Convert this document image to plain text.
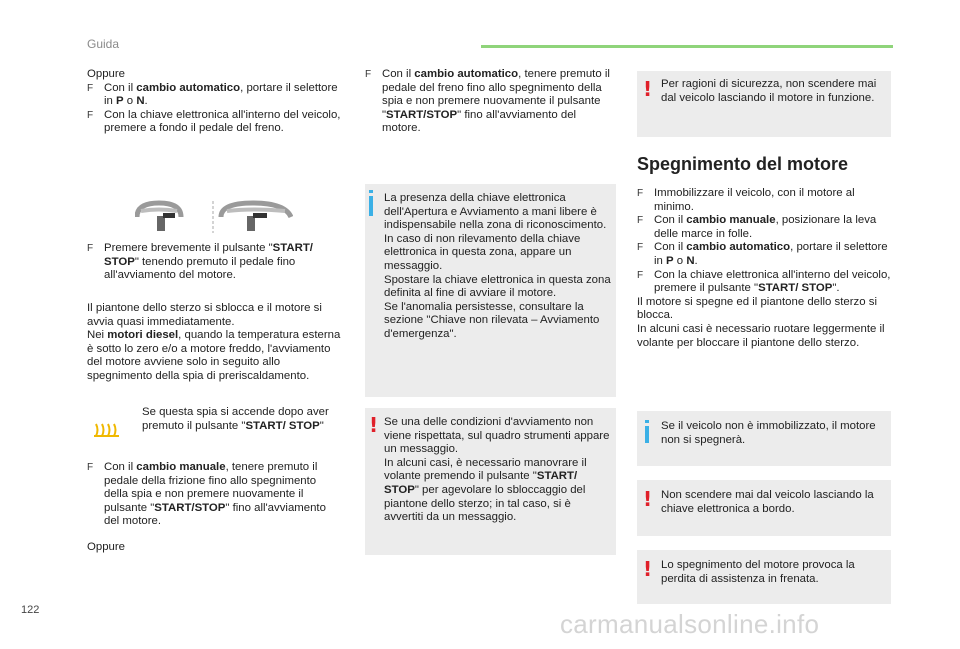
Guida

Oppure

F Con il cambio automatico, portare il selettore in P o N.

F Con la chiave elettronica all'interno del veicolo, premere a fondo il pedale del freno.

F Premere brevemente il pulsante "START/ STOP" tenendo premuto il pedale fino all'avviamento del motore.

Il piantone dello sterzo si sblocca e il motore si avvia quasi immediatamente.

Nei motori diesel, quando la temperatura esterna è sotto lo zero e/o a motore freddo, l'avviamento del motore avviene solo in seguito allo spegnimento della spia di preriscaldamento.

Se questa spia si accende dopo aver premuto il pulsante "START/ STOP"

F Con il cambio manuale, tenere premuto il pedale della frizione fino allo spegnimento della spia e non premere nuovamente il pulsante "START/STOP" fino all'avviamento del motore.

Oppure

F Con il cambio automatico, tenere premuto il pedale del freno fino allo spegnimento della spia e non premere nuovamente il pulsante "START/STOP" fino all'avviamento del motore.

La presenza della chiave elettronica dell'Apertura e Avviamento a mani libere è indispensabile nella zona di riconoscimento.
In caso di non rilevamento della chiave elettronica in questa zona, appare un messaggio.
Spostare la chiave elettronica in questa zona definita al fine di avviare il motore.
Se l'anomalia persistesse, consultare la sezione "Chiave non rilevata – Avviamento d'emergenza".
! Se una delle condizioni d'avviamento non viene rispettata, sul quadro strumenti appare un messaggio.
In alcuni casi, è necessario manovrare il volante premendo il pulsante "START/ STOP" per agevolare lo sbloccaggio del piantone dello sterzo; in tal caso, si è avvertiti da un messaggio.
! Per ragioni di sicurezza, non scendere mai dal veicolo lasciando il motore in funzione.
Spegnimento del motore

F Immobilizzare il veicolo, con il motore al minimo.

F Con il cambio manuale, posizionare la leva delle marce in folle.

F Con il cambio automatico, portare il selettore in P o N.

F Con la chiave elettronica all'interno del veicolo, premere il pulsante "START/ STOP".

Il motore si spegne ed il piantone dello sterzo si blocca.
In alcuni casi è necessario ruotare leggermente il volante per bloccare il piantone dello sterzo.

Se il veicolo non è immobilizzato, il motore non si spegnerà.
! Non scendere mai dal veicolo lasciando la chiave elettronica a bordo.
! Lo spegnimento del motore provoca la perdita di assistenza in frenata.
122	carmanualsonline.info
